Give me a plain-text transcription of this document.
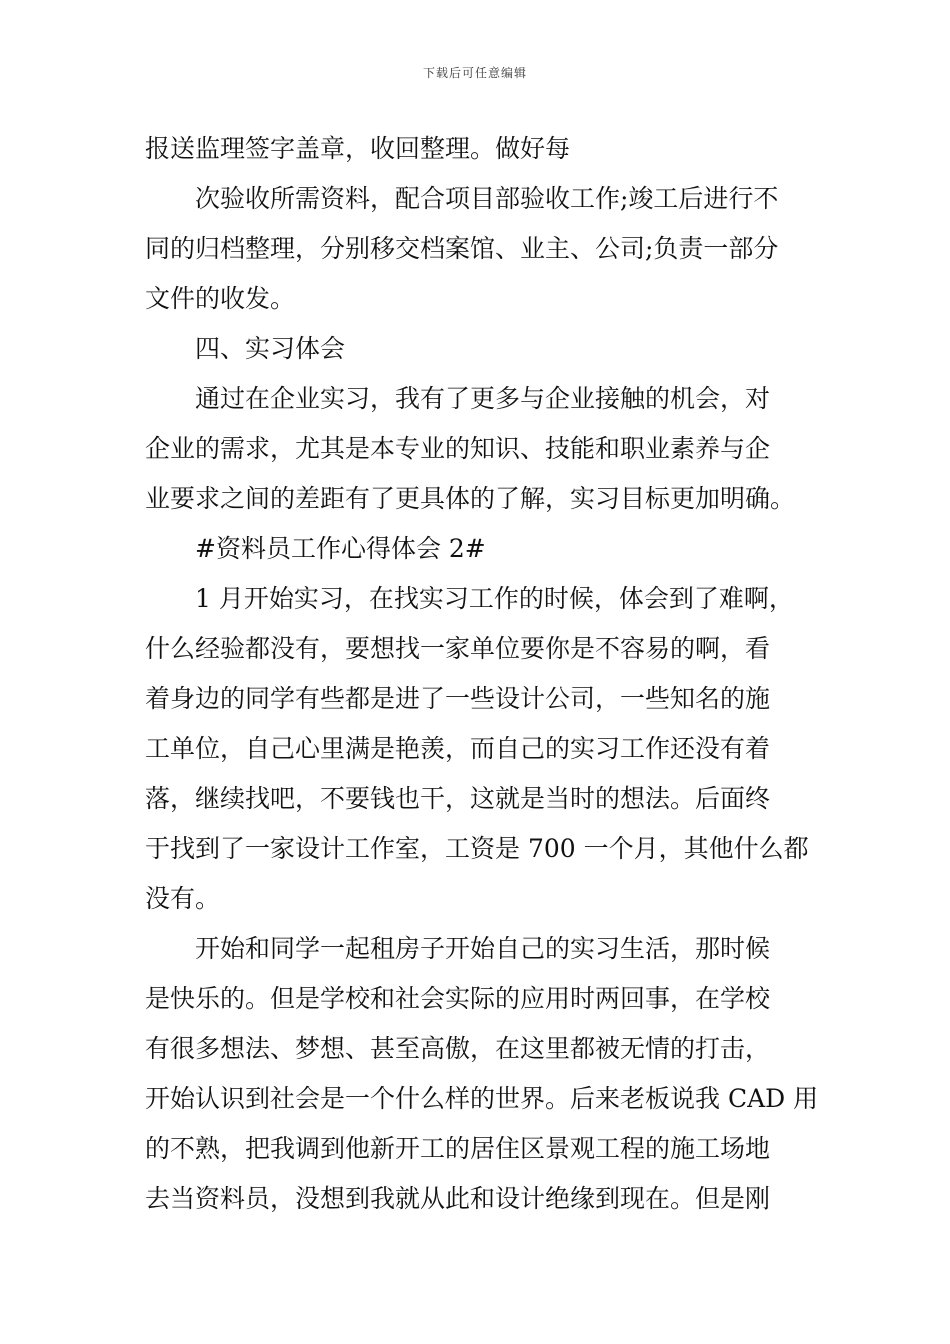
下载后可任意编辑
报送监理签字盖章，收回整理。做好每
次验收所需资料，配合项目部验收工作;竣工后进行不
同的归档整理，分别移交档案馆、业主、公司;负责一部分
文件的收发。
四、实习体会
通过在企业实习，我有了更多与企业接触的机会，对
企业的需求，尤其是本专业的知识、技能和职业素养与企
业要求之间的差距有了更具体的了解，实习目标更加明确。
#资料员工作心得体会 2#
1 月开始实习，在找实习工作的时候，体会到了难啊，
什么经验都没有，要想找一家单位要你是不容易的啊，看
着身边的同学有些都是进了一些设计公司，一些知名的施
工单位，自己心里满是艳羡，而自己的实习工作还没有着
落，继续找吧，不要钱也干，这就是当时的想法。后面终
于找到了一家设计工作室，工资是 700 一个月，其他什么都
没有。
开始和同学一起租房子开始自己的实习生活，那时候
是快乐的。但是学校和社会实际的应用时两回事，在学校
有很多想法、梦想、甚至高傲，在这里都被无情的打击，
开始认识到社会是一个什么样的世界。后来老板说我 CAD 用
的不熟，把我调到他新开工的居住区景观工程的施工场地
去当资料员，没想到我就从此和设计绝缘到现在。但是刚
